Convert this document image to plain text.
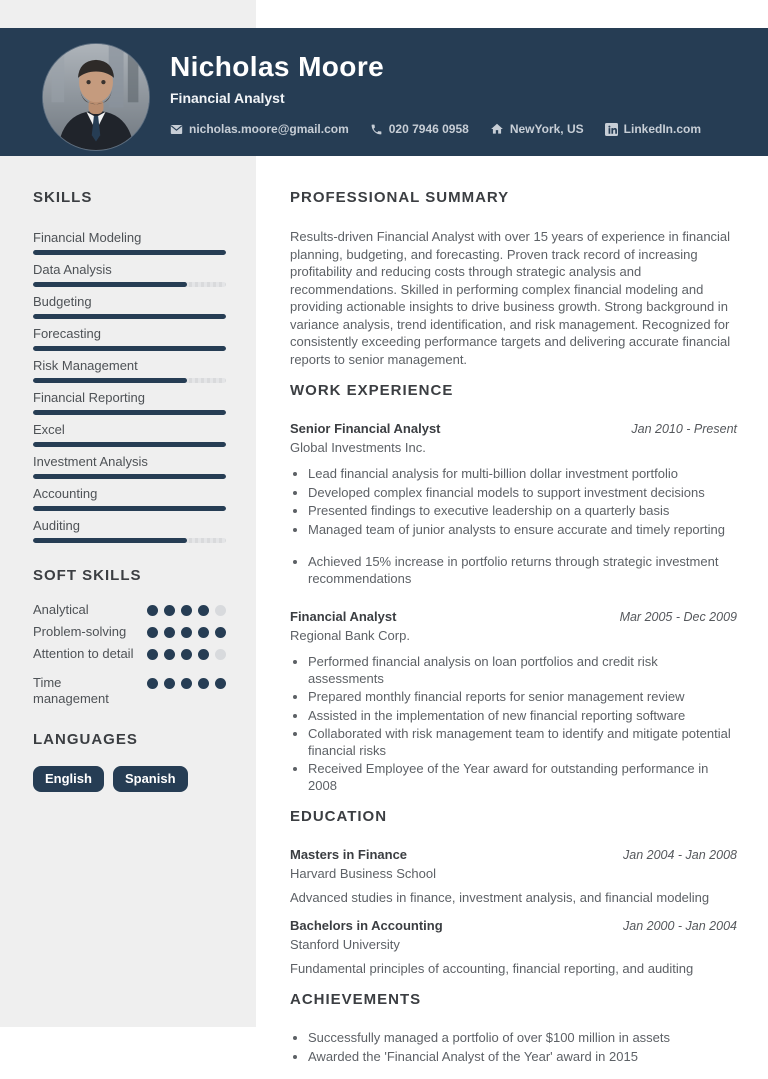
Nicholas Moore
Financial Analyst
nicholas.moore@gmail.com	020 7946 0958	NewYork, US	LinkedIn.com
SKILLS
Financial Modeling
Data Analysis
Budgeting
Forecasting
Risk Management
Financial Reporting
Excel
Investment Analysis
Accounting
Auditing
SOFT SKILLS
Analytical
Problem-solving
Attention to detail
Time management
LANGUAGES
English	Spanish
PROFESSIONAL SUMMARY

Results-driven Financial Analyst with over 15 years of experience in financial planning, budgeting, and forecasting. Proven track record of increasing profitability and reducing costs through strategic analysis and recommendations. Skilled in performing complex financial modeling and providing actionable insights to drive business growth. Strong background in variance analysis, trend identification, and risk management. Recognized for consistently exceeding performance targets and delivering accurate financial reports to senior management.

WORK EXPERIENCE
Senior Financial Analyst	Jan 2010 - Present
Global Investments Inc.
• Lead financial analysis for multi-billion dollar investment portfolio
• Developed complex financial models to support investment decisions
• Presented findings to executive leadership on a quarterly basis
• Managed team of junior analysts to ensure accurate and timely reporting
• Achieved 15% increase in portfolio returns through strategic investment recommendations
Financial Analyst	Mar 2005 - Dec 2009
Regional Bank Corp.
• Performed financial analysis on loan portfolios and credit risk assessments
• Prepared monthly financial reports for senior management review
• Assisted in the implementation of new financial reporting software
• Collaborated with risk management team to identify and mitigate potential financial risks
• Received Employee of the Year award for outstanding performance in 2008
EDUCATION
Masters in Finance	Jan 2004 - Jan 2008
Harvard Business School
Advanced studies in finance, investment analysis, and financial modeling
Bachelors in Accounting	Jan 2000 - Jan 2004
Stanford University
Fundamental principles of accounting, financial reporting, and auditing
ACHIEVEMENTS
• Successfully managed a portfolio of over $100 million in assets
• Awarded the 'Financial Analyst of the Year' award in 2015
